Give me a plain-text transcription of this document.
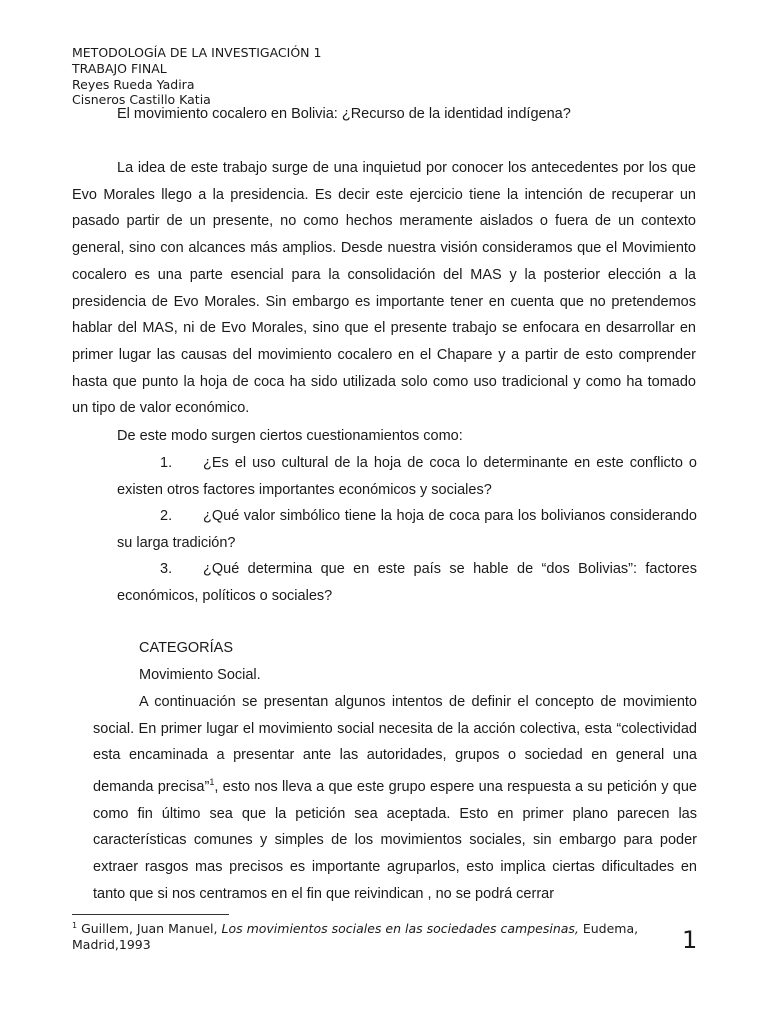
METODOLOGÍA DE LA INVESTIGACIÓN 1
TRABAJO FINAL
Reyes Rueda Yadira
Cisneros Castillo Katia
El movimiento cocalero en Bolivia: ¿Recurso de la identidad indígena?

La idea de este trabajo surge de una inquietud por conocer los antecedentes por los que Evo Morales llego a la presidencia. Es decir este ejercicio tiene la intención de recuperar un pasado partir de un presente, no como hechos meramente aislados o fuera de un contexto general, sino con alcances más amplios. Desde nuestra visión consideramos que el Movimiento cocalero es una parte esencial para la consolidación del MAS y la posterior elección a la presidencia de Evo Morales. Sin embargo es importante tener en cuenta que no pretendemos hablar del MAS, ni de Evo Morales, sino que el presente trabajo se enfocara en desarrollar en primer lugar las causas del movimiento cocalero en el Chapare y a partir de esto comprender hasta que punto la hoja de coca ha sido utilizada solo como uso tradicional y como ha tomado un tipo de valor económico.

De este modo surgen ciertos cuestionamientos como:

1. ¿Es el uso cultural de la hoja de coca lo determinante en este conflicto o existen otros factores importantes económicos y sociales?

2. ¿Qué valor simbólico tiene la hoja de coca para los bolivianos considerando su larga tradición?

3. ¿Qué determina que en este país se hable de “dos Bolivias”: factores económicos, políticos o sociales?

CATEGORÍAS
Movimiento Social.

A continuación se presentan algunos intentos de definir el concepto de movimiento social. En primer lugar el movimiento social necesita de la acción colectiva, esta “colectividad esta encaminada a presentar ante las autoridades, grupos o sociedad en general una demanda precisa”$^1$, esto nos lleva a que este grupo espere una respuesta a su petición y que como fin último sea que la petición sea aceptada. Esto en primer plano parecen las características comunes y simples de los movimientos sociales, sin embargo para poder extraer rasgos mas precisos es importante agruparlos, esto implica ciertas dificultades en tanto que si nos centramos en el fin que reivindican , no se podrá cerrar

$^1$ Guillem, Juan Manuel, Los movimientos sociales en las sociedades campesinas, Eudema, Madrid,1993	1
